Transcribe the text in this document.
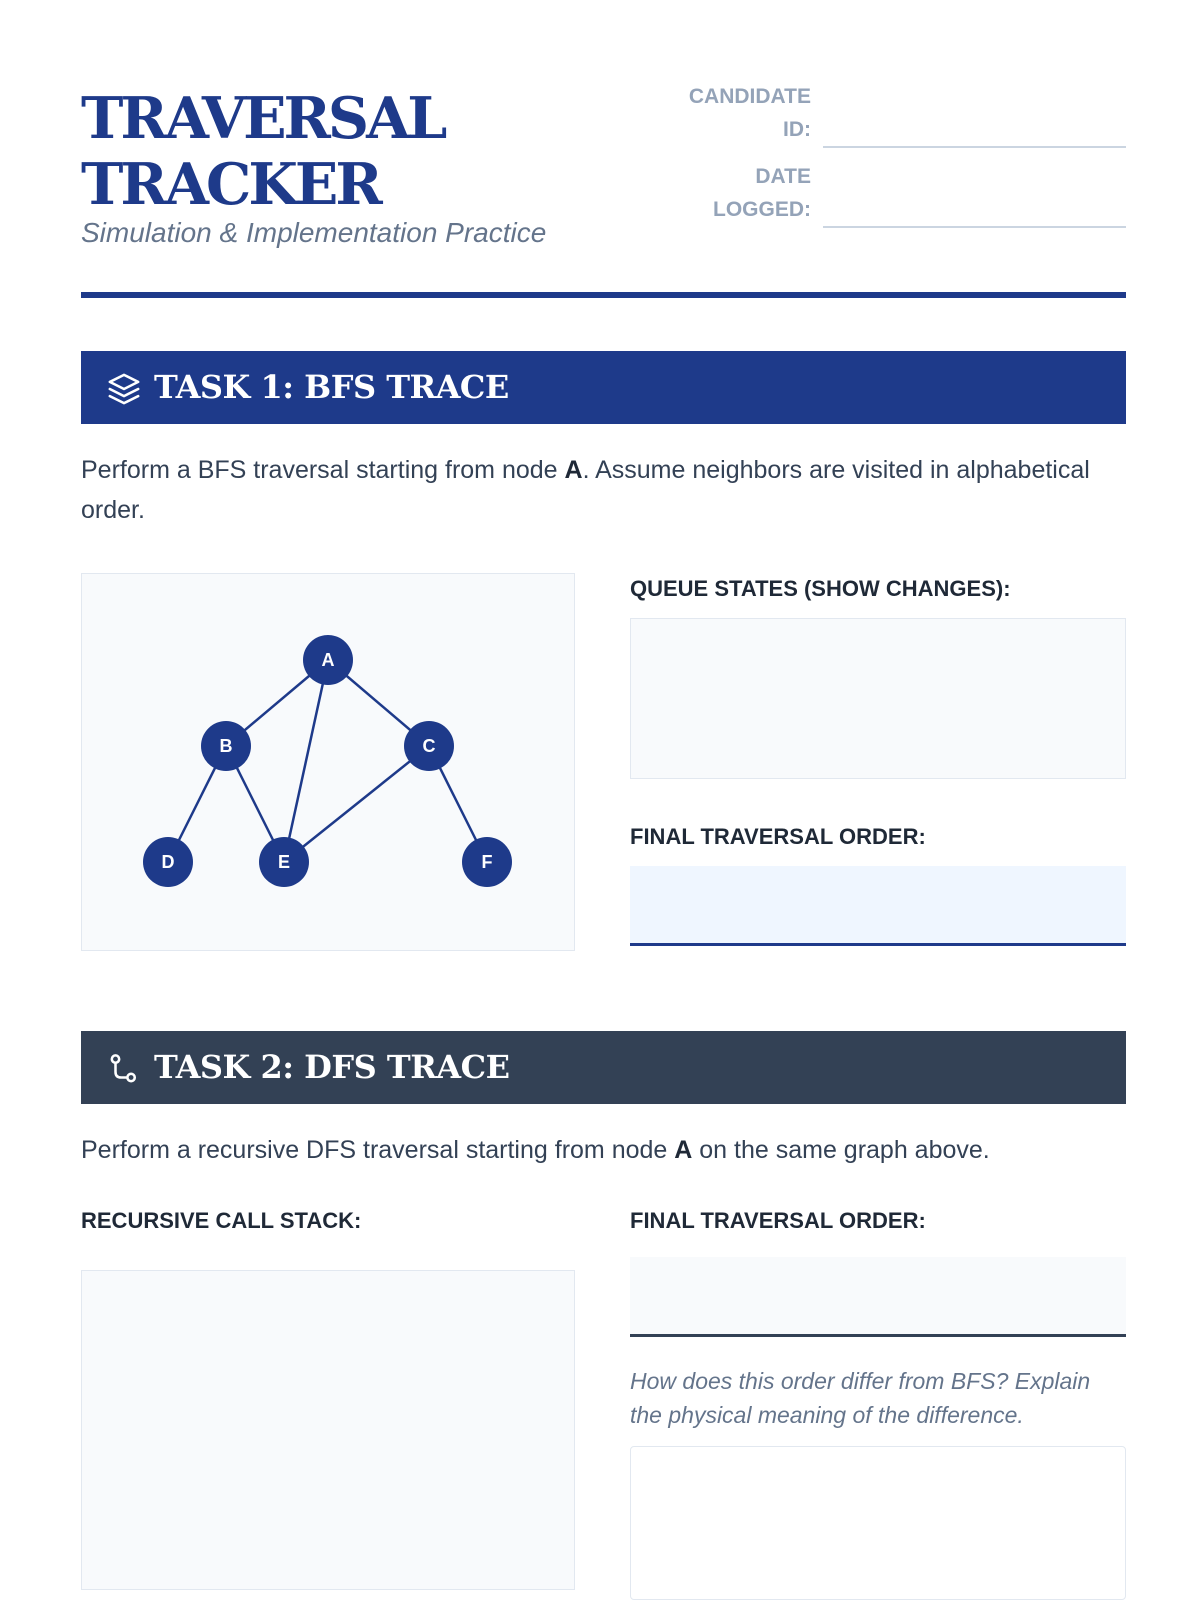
TRAVERSAL
TRACKER
Simulation & Implementation Practice
CANDIDATE
ID:
DATE
LOGGED:
TASK 1: BFS TRACE
Perform a BFS traversal starting from node A. Assume neighbors are visited in alphabetical order.
A
B	C
D	E	F
QUEUE STATES (SHOW CHANGES):
FINAL TRAVERSAL ORDER:
TASK 2: DFS TRACE
Perform a recursive DFS traversal starting from node A on the same graph above.
RECURSIVE CALL STACK:	FINAL TRAVERSAL ORDER:
How does this order differ from BFS? Explain the physical meaning of the difference.
